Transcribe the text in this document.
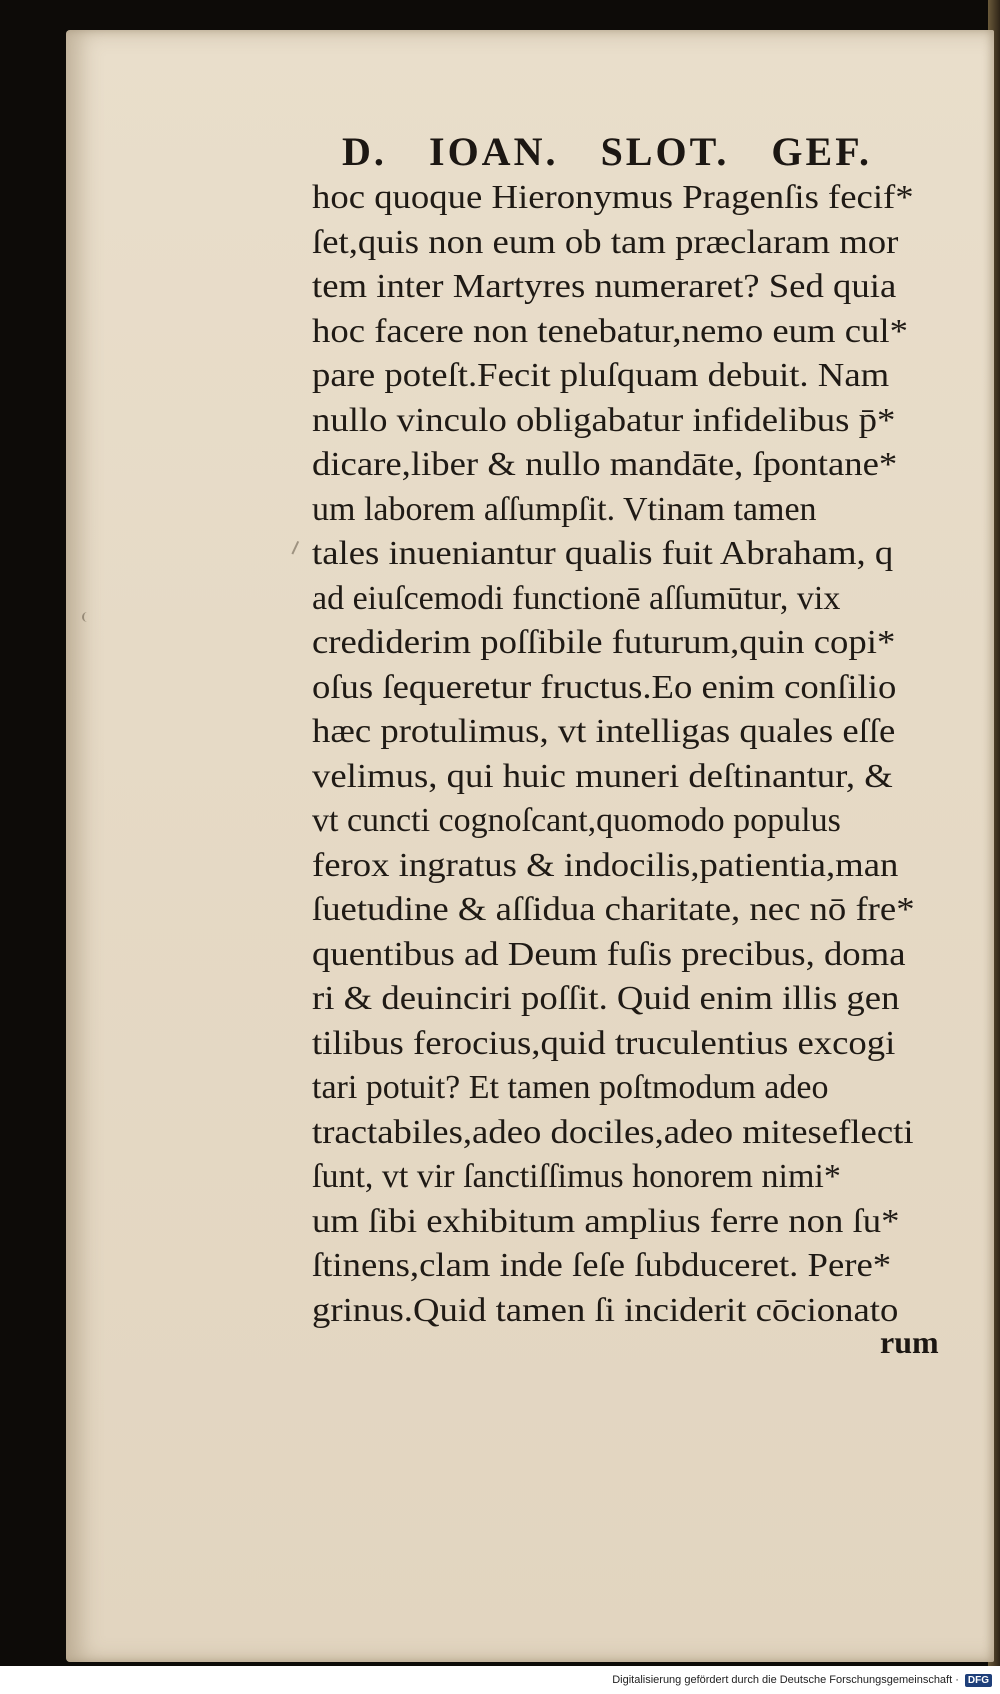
D. IOAN. SLOT. GEF.
hoc quoque Hieronymus Pragenſis fecif*
ſet,quis non eum ob tam præclaram mor
tem inter Martyres numeraret? Sed quia
hoc facere non tenebatur,nemo eum cul*
pare poteſt.Fecit pluſquam debuit. Nam
nullo vinculo obligabatur infidelibus p̄*
dicare,liber & nullo mandāte, ſpontane*
um laborem aſſumpſit. Vtinam tamen
tales inueniantur qualis fuit Abraham, q
ad eiuſcemodi functionē aſſumūtur, vix
crediderim poſſibile futurum,quin copi*
oſus ſequeretur fructus.Eo enim conſilio
hæc protulimus, vt intelligas quales eſſe
velimus, qui huic muneri deſtinantur, &
vt cuncti cognoſcant,quomodo populus
ferox ingratus & indocilis,patientia,man
ſuetudine & aſſidua charitate, nec nō fre*
quentibus ad Deum fuſis precibus, doma
ri & deuinciri poſſit. Quid enim illis gen
tilibus ferocius,quid truculentius excogi
tari potuit? Et tamen poſtmodum adeo
tractabiles,adeo dociles,adeo miteseflecti
ſunt, vt vir ſanctiſſimus honorem nimi*
um ſibi exhibitum amplius ferre non ſu*
ſtinens,clam inde ſeſe ſubduceret. Pere*
grinus.Quid tamen ſi inciderit cōcionato
rum
Digitalisierung gefördert durch die Deutsche Forschungsgemeinschaft · DFG
